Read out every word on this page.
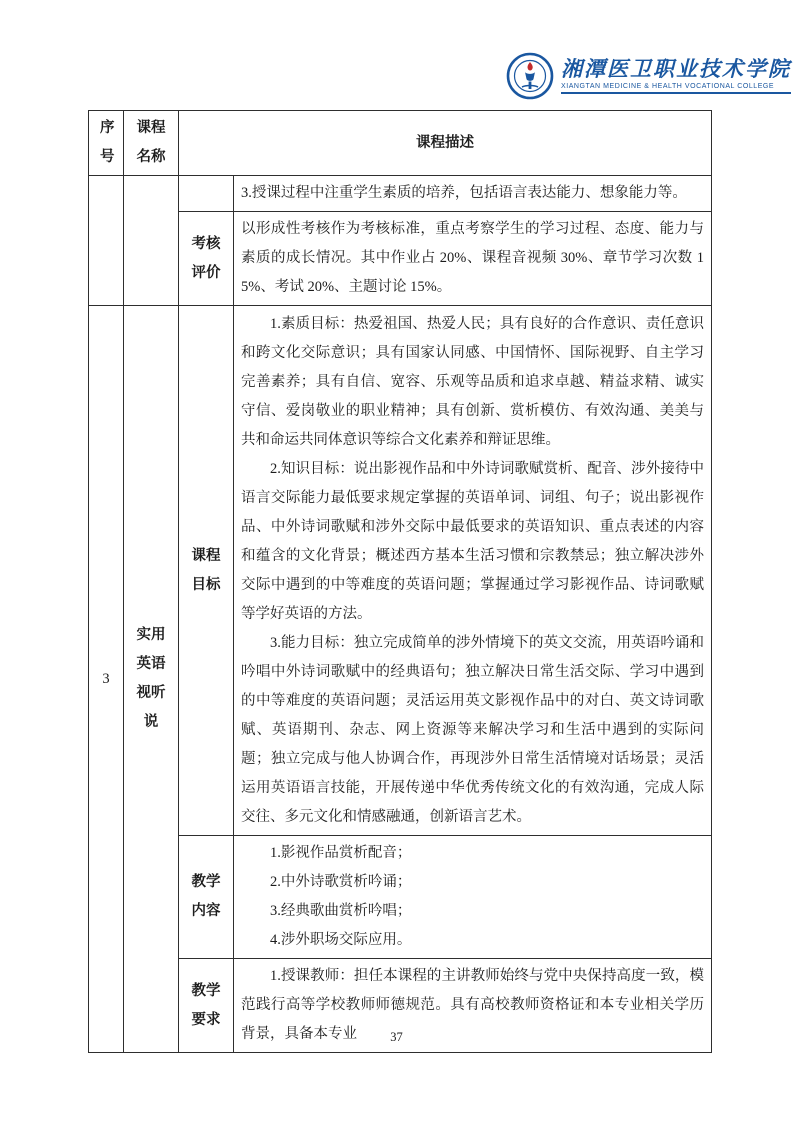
湘潭医卫职业技术学院
XIANGTAN MEDICINE & HEALTH VOCATIONAL COLLEGE
序号	课程名称	课程描述	

			3.授课过程中注重学生素质的培养，包括语言表达能力、想象能力等。

		考核评价	以形成性考核作为考核标准，重点考察学生的学习过程、态度、能力与素质的成长情况。其中作业占 20%、课程音视频 30%、章节学习次数 15%、考试 20%、主题讨论 15%。

3	实用英语视听说	课程目标	1.素质目标：热爱祖国、热爱人民；具有良好的合作意识、责任意识和跨文化交际意识；具有国家认同感、中国情怀、国际视野、自主学习完善素养；具有自信、宽容、乐观等品质和追求卓越、精益求精、诚实守信、爱岗敬业的职业精神；具有创新、赏析模仿、有效沟通、美美与共和命运共同体意识等综合文化素养和辩证思维。

2.知识目标：说出影视作品和中外诗词歌赋赏析、配音、涉外接待中语言交际能力最低要求规定掌握的英语单词、词组、句子；说出影视作品、中外诗词歌赋和涉外交际中最低要求的英语知识、重点表述的内容和蕴含的文化背景；概述西方基本生活习惯和宗教禁忌；独立解决涉外交际中遇到的中等难度的英语问题；掌握通过学习影视作品、诗词歌赋等学好英语的方法。

3.能力目标：独立完成简单的涉外情境下的英文交流，用英语吟诵和吟唱中外诗词歌赋中的经典语句；独立解决日常生活交际、学习中遇到的中等难度的英语问题；灵活运用英文影视作品中的对白、英文诗词歌赋、英语期刊、杂志、网上资源等来解决学习和生活中遇到的实际问题；独立完成与他人协调合作，再现涉外日常生活情境对话场景；灵活运用英语语言技能，开展传递中华优秀传统文化的有效沟通，完成人际交往、多元文化和情感融通，创新语言艺术。

		教学内容	1.影视作品赏析配音；

2.中外诗歌赏析吟诵；

3.经典歌曲赏析吟唱；

4.涉外职场交际应用。

		教学要求	1.授课教师：担任本课程的主讲教师始终与党中央保持高度一致，模范践行高等学校教师师德规范。具有高校教师资格证和本专业相关学历背景，具备本专业	37
